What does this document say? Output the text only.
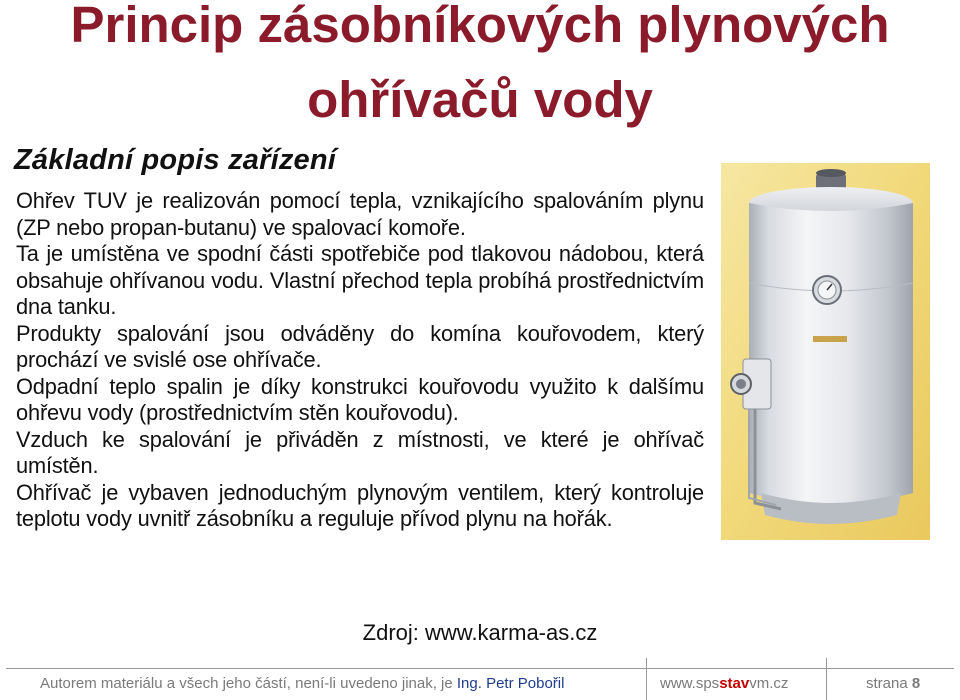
Princip zásobníkových plynových
ohřívačů vody
Základní popis zařízení

Ohřev TUV je realizován pomocí tepla, vznikajícího spalováním plynu (ZP nebo propan-butanu) ve spalovací komoře.

Ta je umístěna ve spodní části spotřebiče pod tlakovou nádobou, která obsahuje ohřívanou vodu. Vlastní přechod tepla probíhá prostřednictvím dna tanku.

Produkty spalování jsou odváděny do komína kouřovodem, který prochází ve svislé ose ohřívače.

Odpadní teplo spalin je díky konstrukci kouřovodu využito k dalšímu ohřevu vody (prostřednictvím stěn kouřovodu).

Vzduch ke spalování je přiváděn z místnosti, ve které je ohřívač umístěn.

Ohřívač je vybaven jednoduchým plynovým ventilem, který kontroluje teplotu vody uvnitř zásobníku a reguluje přívod plynu na hořák.

Zdroj: www.karma-as.cz
Autorem materiálu a všech jeho částí, není-li uvedeno jinak, je Ing. Petr Pobořil	www.spsstavvm.cz	strana 8
